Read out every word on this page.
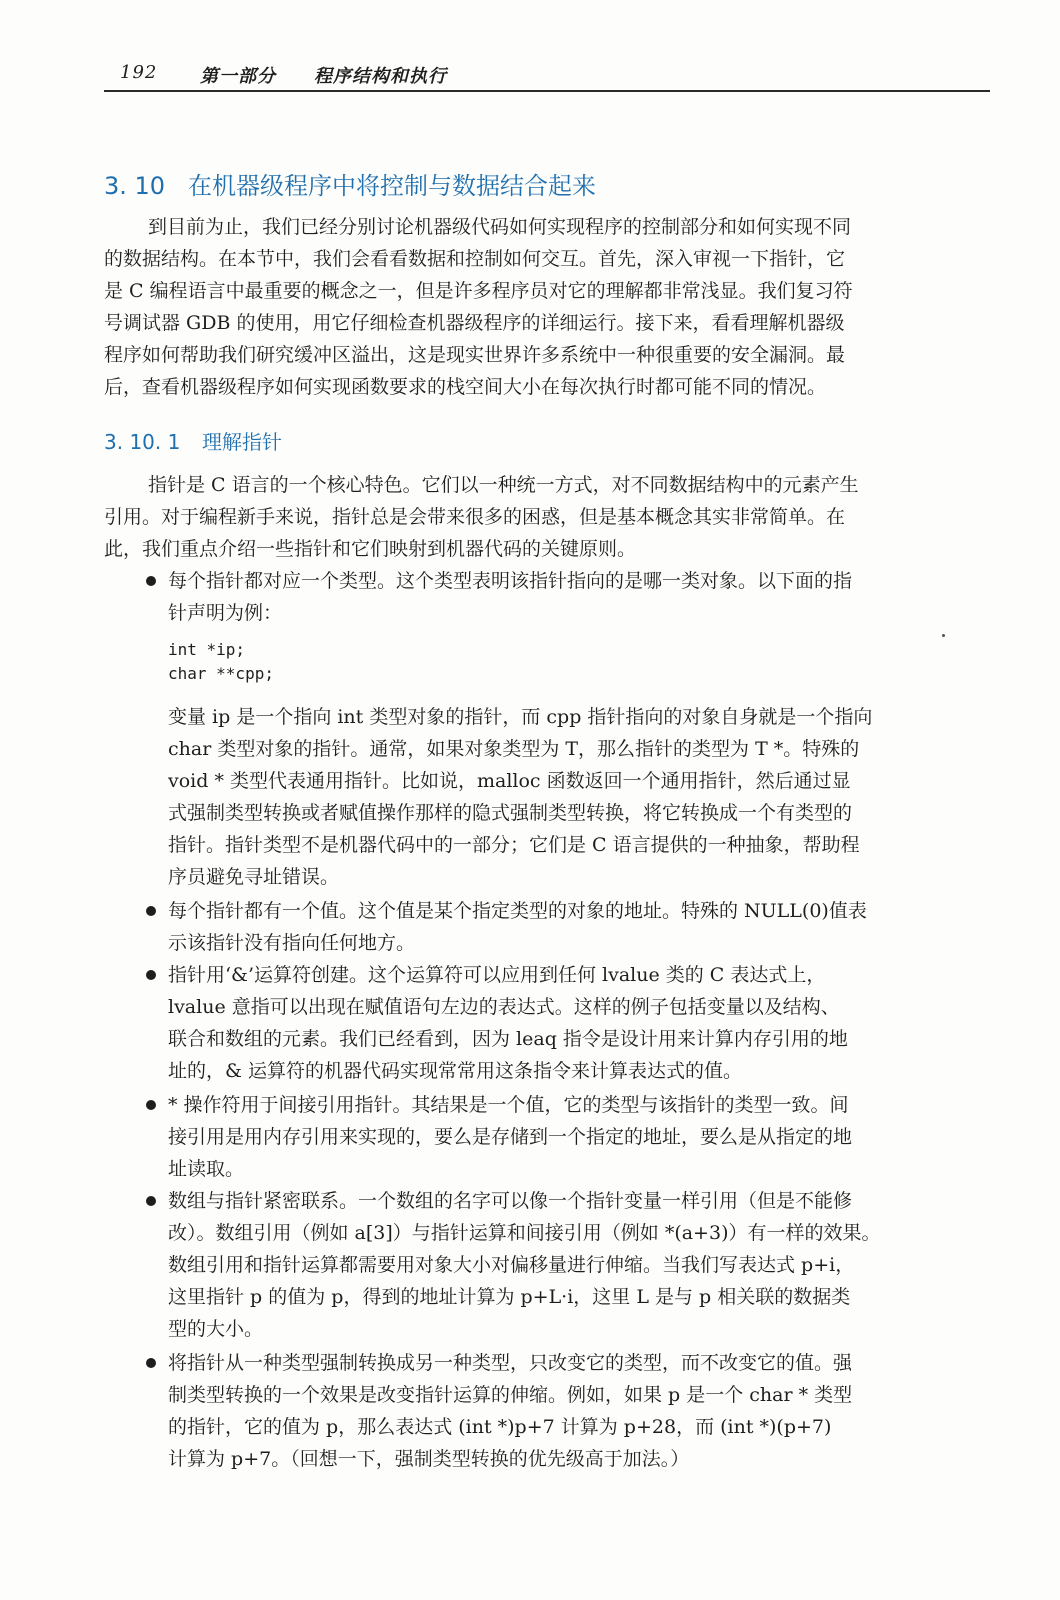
192 第一部分 程序结构和执行
3. 10 在机器级程序中将控制与数据结合起来
到目前为止，我们已经分别讨论机器级代码如何实现程序的控制部分和如何实现不同
的数据结构。在本节中，我们会看看数据和控制如何交互。首先，深入审视一下指针，它
是 C 编程语言中最重要的概念之一，但是许多程序员对它的理解都非常浅显。我们复习符
号调试器 GDB 的使用，用它仔细检查机器级程序的详细运行。接下来，看看理解机器级
程序如何帮助我们研究缓冲区溢出，这是现实世界许多系统中一种很重要的安全漏洞。最
后，查看机器级程序如何实现函数要求的栈空间大小在每次执行时都可能不同的情况。
3. 10. 1 理解指针
指针是 C 语言的一个核心特色。它们以一种统一方式，对不同数据结构中的元素产生
引用。对于编程新手来说，指针总是会带来很多的困惑，但是基本概念其实非常简单。在
此，我们重点介绍一些指针和它们映射到机器代码的关键原则。
每个指针都对应一个类型。这个类型表明该指针指向的是哪一类对象。以下面的指
针声明为例：
int *ip;
char **cpp;
变量 ip 是一个指向 int 类型对象的指针，而 cpp 指针指向的对象自身就是一个指向
char 类型对象的指针。通常，如果对象类型为 T，那么指针的类型为 T *。特殊的
void * 类型代表通用指针。比如说，malloc 函数返回一个通用指针，然后通过显
式强制类型转换或者赋值操作那样的隐式强制类型转换，将它转换成一个有类型的
指针。指针类型不是机器代码中的一部分；它们是 C 语言提供的一种抽象，帮助程
序员避免寻址错误。
每个指针都有一个值。这个值是某个指定类型的对象的地址。特殊的 NULL(0)值表
示该指针没有指向任何地方。
指针用‘&’运算符创建。这个运算符可以应用到任何 lvalue 类的 C 表达式上，
lvalue 意指可以出现在赋值语句左边的表达式。这样的例子包括变量以及结构、
联合和数组的元素。我们已经看到，因为 leaq 指令是设计用来计算内存引用的地
址的，& 运算符的机器代码实现常常用这条指令来计算表达式的值。
* 操作符用于间接引用指针。其结果是一个值，它的类型与该指针的类型一致。间
接引用是用内存引用来实现的，要么是存储到一个指定的地址，要么是从指定的地
址读取。
数组与指针紧密联系。一个数组的名字可以像一个指针变量一样引用（但是不能修
改）。数组引用（例如 a[3]）与指针运算和间接引用（例如 *(a+3)）有一样的效果。
数组引用和指针运算都需要用对象大小对偏移量进行伸缩。当我们写表达式 p+i，
这里指针 p 的值为 p，得到的地址计算为 p+L·i，这里 L 是与 p 相关联的数据类
型的大小。
将指针从一种类型强制转换成另一种类型，只改变它的类型，而不改变它的值。强
制类型转换的一个效果是改变指针运算的伸缩。例如，如果 p 是一个 char * 类型
的指针，它的值为 p，那么表达式 (int *)p+7 计算为 p+28，而 (int *)(p+7)
计算为 p+7。（回想一下，强制类型转换的优先级高于加法。）
